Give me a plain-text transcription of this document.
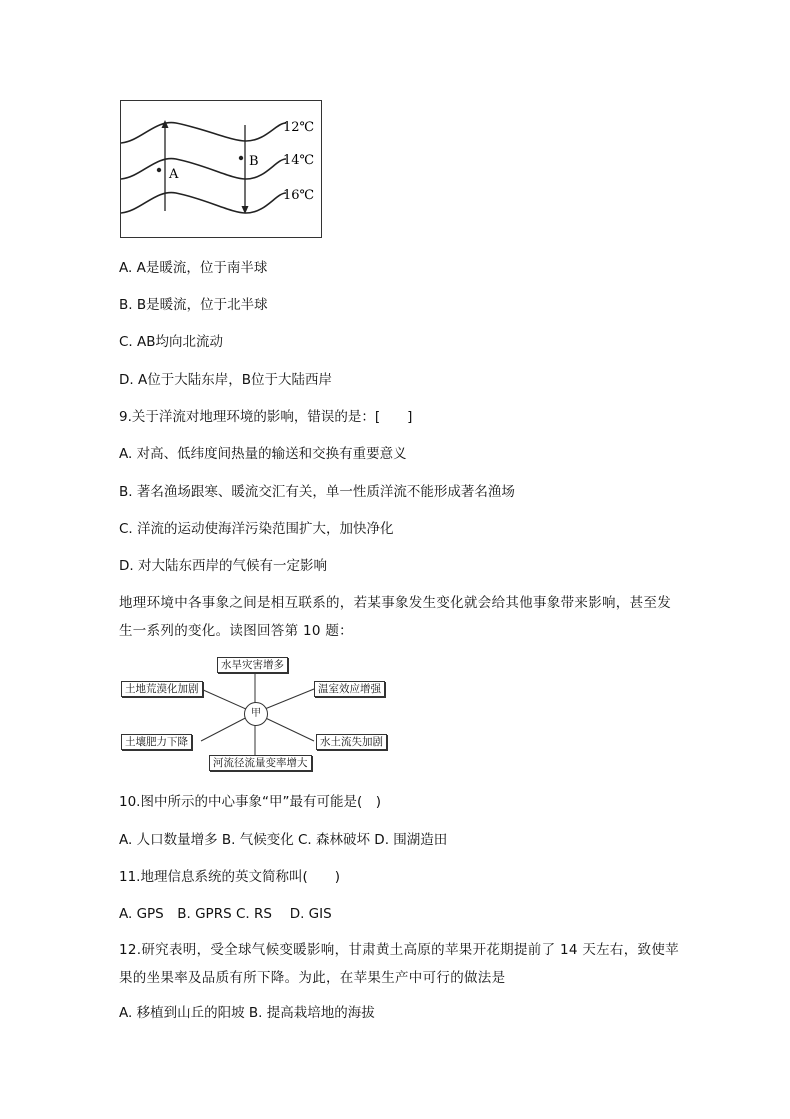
A
B
12℃
14℃
16℃
A. A是暖流，位于南半球
B. B是暖流，位于北半球
C. AB均向北流动
D. A位于大陆东岸，B位于大陆西岸
9.关于洋流对地理环境的影响，错误的是：[　　]
A. 对高、低纬度间热量的输送和交换有重要意义
B. 著名渔场跟寒、暖流交汇有关，单一性质洋流不能形成著名渔场
C. 洋流的运动使海洋污染范围扩大，加快净化
D. 对大陆东西岸的气候有一定影响
地理环境中各事象之间是相互联系的，若某事象发生变化就会给其他事象带来影响，甚至发生一系列的变化。读图回答第 10 题：
水旱灾害增多
土地荒漠化加剧	温室效应增强
甲
土壤肥力下降	水土流失加剧
河流径流量变率增大
10.图中所示的中心事象“甲”最有可能是(　)
A. 人口数量增多 B. 气候变化 C. 森林破坏 D. 围湖造田
11.地理信息系统的英文简称叫(　　)
A. GPS　B. GPRS C. RS　 D. GIS
12.研究表明，受全球气候变暖影响，甘肃黄土高原的苹果开花期提前了 14 天左右，致使苹果的坐果率及品质有所下降。为此，在苹果生产中可行的做法是
A. 移植到山丘的阳坡 B. 提高栽培地的海拔
